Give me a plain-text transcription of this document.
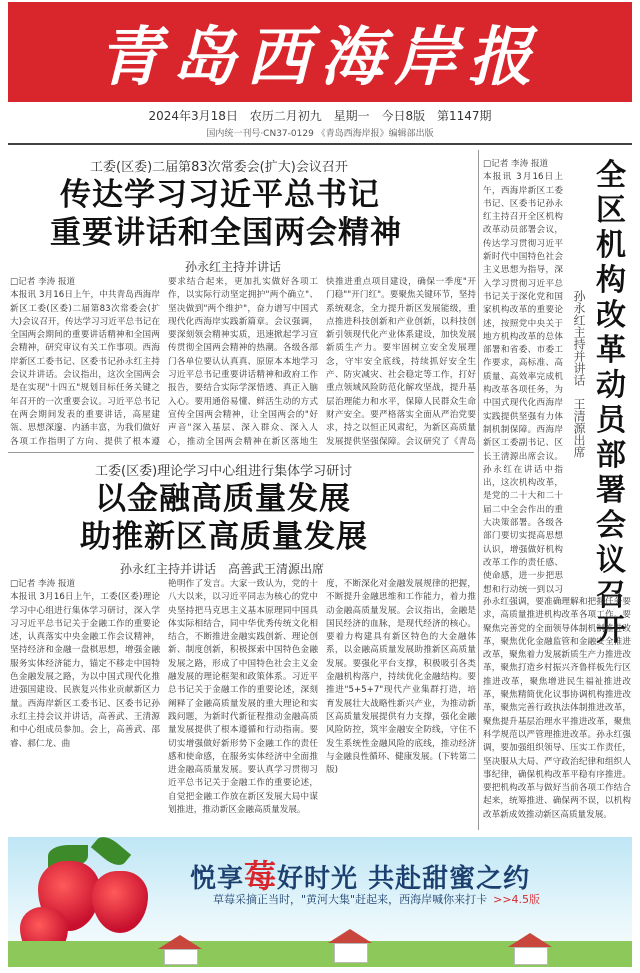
青岛西海岸报
2024年3月18日 农历二月初九 星期一 今日8版 第1147期
国内统一刊号·CN37-0129 《青岛西海岸报》编辑部出版
工委(区委)二届第83次常委会(扩大)会议召开
传达学习习近平总书记
重要讲话和全国两会精神
孙永红主持并讲话
□记者 李涛 报道
本报讯 3月16日上午，中共青岛西海岸新区工委(区委)二届第83次常委会(扩大)会议召开，传达学习习近平总书记在全国两会期间的重要讲话精神和全国两会精神，研究审议有关工作事项。西海岸新区工委书记、区委书记孙永红主持会议并讲话。会议指出，这次全国两会是在实现"十四五"规划目标任务关键之年召开的一次重要会议。习近平总书记在两会期间发表的重要讲话，高屋建瓴、思想深邃、内涵丰富，为我们做好各项工作指明了方向、提供了根本遵
要求结合起来，更加扎实做好各项工作，以实际行动坚定拥护"两个确立"、坚决做到"两个维护"，奋力谱写中国式现代化西海岸实践新篇章。会议强调，要深刻领会精神实质，迅速掀起学习宣传贯彻全国两会精神的热潮。各级各部门各单位要认认真真、原原本本地学习习近平总书记重要讲话精神和政府工作报告，要结合实际学深悟透、真正入脑入心。要用通俗易懂、鲜活生动的方式宣传全国两会精神，让全国两会的"好声音"深入基层、深入群众、深入人心，推动全国两会精神在新区落地生
快推进重点项目建设，确保一季度"开门稳""开门红"。要聚焦关键环节，坚持系统观念，全力提升新区发展能级，重点推进科技创新和产业创新，以科技创新引领现代化产业体系建设，加快发展新质生产力。要牢固树立安全发展理念，守牢安全底线，持续抓好安全生产、防灾减灾、社会稳定等工作，打好重点领域风险防范化解攻坚战，提升基层治理能力和水平，保障人民群众生命财产安全。要严格落实全面从严治党要求，持之以恒正风肃纪，为新区高质量发展提供坚强保障。会议研究了《青岛
工委(区委)理论学习中心组进行集体学习研讨
以金融高质量发展
助推新区高质量发展
孙永红主持并讲话　高善武王清源出席
□记者 李涛 报道
本报讯 3月16日上午，工委(区委)理论学习中心组进行集体学习研讨，深入学习习近平总书记关于金融工作的重要论述，认真落实中央金融工作会议精神，坚持经济和金融一盘棋思想，增强金融服务实体经济能力，锚定不移走中国特色金融发展之路，为以中国式现代化推进强国建设、民族复兴伟业贡献新区力量。西海岸新区工委书记、区委书记孙永红主持会议并讲话，高善武、王清源和中心组成员参加。会上，高善武、邵睿、郝仁龙、曲
艳明作了发言。大家一致认为，党的十八大以来，以习近平同志为核心的党中央坚持把马克思主义基本原理同中国具体实际相结合，同中华优秀传统文化相结合，不断推进金融实践创新、理论创新、制度创新，积极探索中国特色金融发展之路，形成了中国特色社会主义金融发展的理论框架和政策体系。习近平总书记关于金融工作的重要论述，深刻阐释了金融高质量发展的重大理论和实践问题，为新时代新征程推动金融高质量发展提供了根本遵循和行动指南。要切实增强做好新形势下金融工作的责任感和使命感，在服务实体经济中全面推进金融高质量发展。要认真学习贯彻习近平总书记关于金融工作的重要论述，自觉把金融工作放在新区发展大局中谋划推进，推动新区金融高质量发展。
度，不断深化对金融发展规律的把握，不断提升金融思维和工作能力，着力推动金融高质量发展。会议指出，金融是国民经济的血脉，是现代经济的核心。要着力构建具有新区特色的大金融体系，以金融高质量发展助推新区高质量发展。要强化平台支撑，积极吸引各类金融机构落户，持续优化金融结构。要推进"5+5+7"现代产业集群打造，培育发展壮大战略性新兴产业，为推动新区高质量发展提供有力支撑，强化金融风险防控，筑牢金融安全防线，守住不发生系统性金融风险的底线，推动经济与金融良性循环、健康发展。(下转第二版)
全区机构改革动员部署会议召开
孙永红主持并讲话　王清源出席
□记者 李涛 报道
本报讯 3月16日上午，西海岸新区工委书记、区委书记孙永红主持召开全区机构改革动员部署会议，传达学习贯彻习近平新时代中国特色社会主义思想为指导，深入学习贯彻习近平总书记关于深化党和国家机构改革的重要论述，按照党中央关于地方机构改革的总体部署和省委、市委工作要求，高标准、高质量、高效率完成机构改革各项任务，为中国式现代化西海岸实践提供坚强有力体制机制保障。西海岸新区工委副书记、区长王清源出席会议。孙永红在讲话中指出，这次机构改革，是党的二十大和二十届二中全会作出的重大决策部署。各级各部门要切实提高思想认识，增强做好机构改革工作的责任感、使命感，进一步把思想和行动统一到以习
孙永红强调，要准确理解和把握任务要求，高质量推进机构改革各项工作。要聚焦完善党的全面领导体制机制推进改革，聚焦优化金融监管和金融安全推进改革，聚焦着力发展新质生产力推进改革，聚焦打造乡村振兴齐鲁样板先行区推进改革，聚焦增进民生福祉推进改革，聚焦精简优化议事协调机构推进改革，聚焦完善行政执法体制推进改革，聚焦提升基层治理水平推进改革，聚焦科学规范以严管理推进改革。孙永红强调，要加强组织领导、压实工作责任，坚决服从大局、严守政治纪律和组织人事纪律，确保机构改革平稳有序推进。要把机构改革与做好当前各项工作结合起来，统筹推进、确保两不误，以机构改革新成效推动新区高质量发展。
悦享莓好时光 共赴甜蜜之约
草莓采摘正当时，"黄河大集"赶起来，西海岸喊你来打卡 >>4.5版
